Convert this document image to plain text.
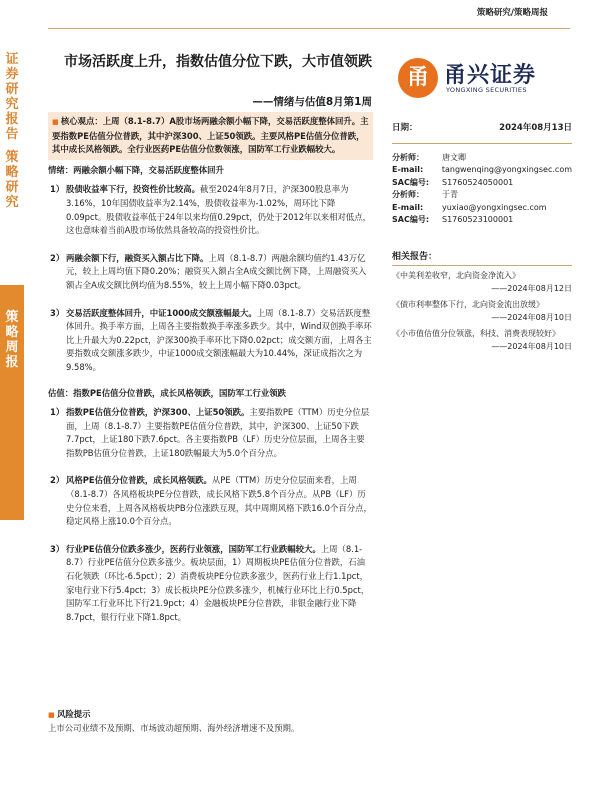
策略研究/策略周报
证券研究报告
策略研究
策略周报
市场活跃度上升，指数估值分位下跌，大市值领跌
——情绪与估值8月第1周
甬 甬兴证券
YONGXING SECURITIES
■ 核心观点：上周（8.1-8.7）A股市场两融余额小幅下降，交易活跃度整体回升。主要指数PE估值分位普跌，其中沪深300、上证50领跌。主要风格PE估值分位普跌，其中成长风格领跌。全行业医药PE估值分位数领涨，国防军工行业跌幅较大。
情绪：两融余额小幅下降，交易活跃度整体回升
1） 股债收益率下行，投资性价比较高。截至2024年8月7日，沪深300股息率为3.16%，10年国债收益率为2.14%，股债收益率为-1.02%，周环比下降0.09pct。股债收益率低于24年以来均值0.29pct，仍处于2012年以来相对低点，这也意味着当前A股市场依然具备较高的投资性价比。
2） 两融余额下行，融资买入额占比下降。上周（8.1-8.7）两融余额均值约1.43万亿元，较上上周均值下降0.20%；融资买入额占全A成交额比例下降，上周融资买入额占全A成交额比例均值为8.55%，较上上周小幅下降0.03pct。
3） 交易活跃度整体回升，中证1000成交额涨幅最大。上周（8.1-8.7）交易活跃度整体回升。换手率方面，上周各主要指数换手率涨多跌少。其中，Wind双创换手率环比上升最大为0.22pct，沪深300换手率环比下降0.02pct；成交额方面，上周各主要指数成交额涨多跌少，中证1000成交额涨幅最大为10.44%，深证成指次之为9.58%。
估值：指数PE估值分位普跌，成长风格领跌，国防军工行业领跌
1） 指数PE估值分位普跌，沪深300、上证50领跌。主要指数PE（TTM）历史分位层面，上周（8.1-8.7）主要指数PE估值分位普跌，其中，沪深300、上证50下跌7.7pct，上证180下跌7.6pct。各主要指数PB（LF）历史分位层面，上周各主要指数PB估值分位普跌，上证180跌幅最大为5.0个百分点。
2） 风格PE估值分位普跌，成长风格领跌。从PE（TTM）历史分位层面来看，上周（8.1-8.7）各风格板块PE分位普跌，成长风格下跌5.8个百分点。从PB（LF）历史分位来看，上周各风格板块PB分位涨跌互现，其中周期风格下跌16.0个百分点，稳定风格上涨10.0个百分点。
3） 行业PE估值分位跌多涨少，医药行业领涨，国防军工行业跌幅较大。上周（8.1-8.7）行业PE估值分位跌多涨少。板块层面，1）周期板块PE估值分位普跌，石油石化领跌（环比-6.5pct）；2）消费板块PE分位跌多涨少，医药行业上行1.1pct，家电行业下行5.4pct；3）成长板块PE分位跌多涨少，机械行业环比上行0.5pct，国防军工行业环比下行21.9pct；4）金融板块PE分位普跌，非银金融行业下降8.7pct，银行行业下降1.8pct。
■ 风险提示
上市公司业绩不及预期、市场波动超预期、海外经济增速不及预期。
日期：	2024年08月13日
分析师：	唐文卿
E-mail:	tangwenqing@yongxingsec.com
SAC编号:	S1760524050001
分析师：	于青
E-mail:	yuxiao@yongxingsec.com
SAC编号:	S1760523100001
相关报告：
《中美利差收窄，北向资金净流入》
——2024年08月12日
《债市利率整体下行，北向资金流出放缓》
——2024年08月10日
《小市值估值分位领涨，科技、消费表现较好》
——2024年08月10日
